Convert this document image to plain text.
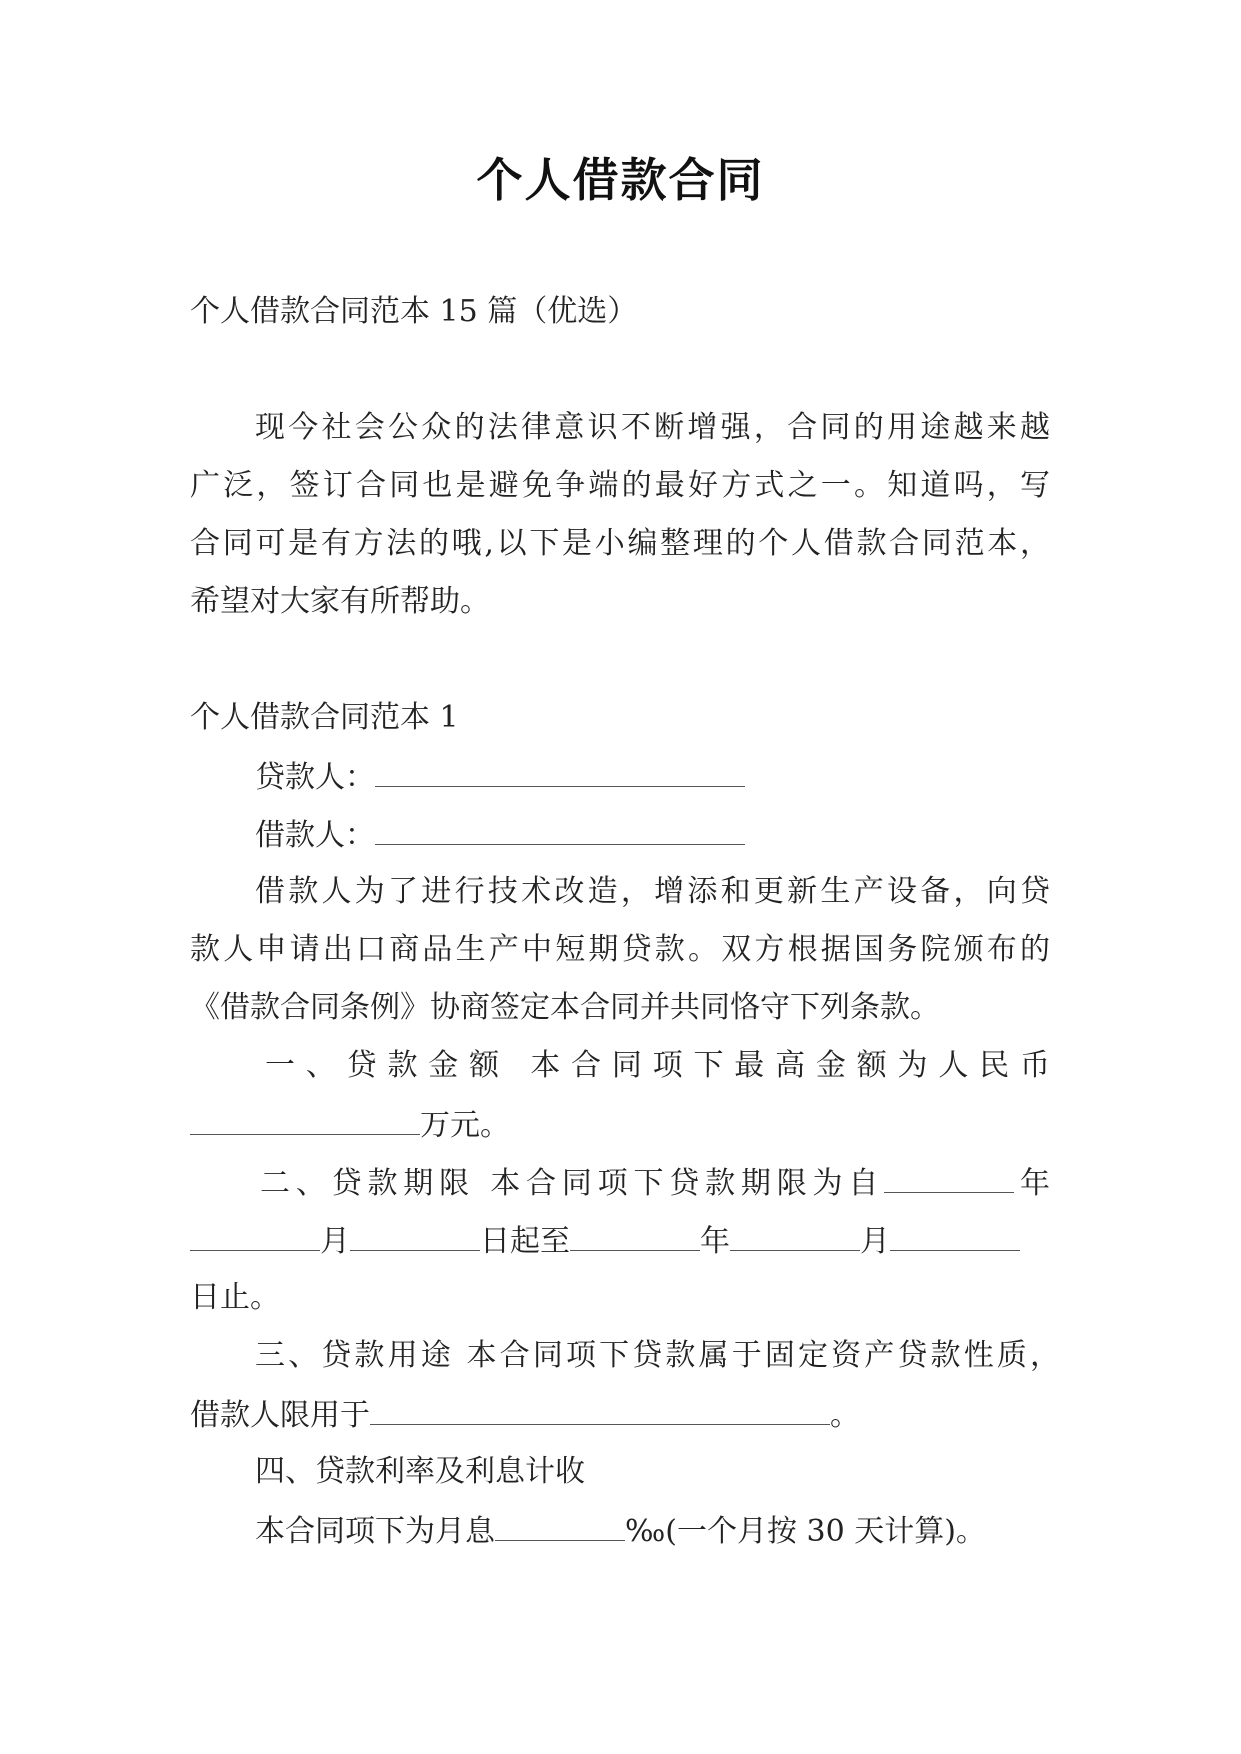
个人借款合同
个人借款合同范本 15 篇（优选）
现今社会公众的法律意识不断增强，合同的用途越来越
广泛，签订合同也是避免争端的最好方式之一。知道吗，写
合同可是有方法的哦,以下是小编整理的个人借款合同范本，
希望对大家有所帮助。
个人借款合同范本 1
贷款人：
借款人：
借款人为了进行技术改造，增添和更新生产设备，向贷
款人申请出口商品生产中短期贷款。双方根据国务院颁布的
《借款合同条例》协商签定本合同并共同恪守下列条款。
一、贷款金额 本合同项下最高金额为人民币
万元。
二、贷款期限 本合同项下贷款期限为自	年
月	日起至	年	月
日止。
三、贷款用途 本合同项下贷款属于固定资产贷款性质，
借款人限用于	。
四、贷款利率及利息计收
本合同项下为月息	‰(一个月按 30 天计算)。
